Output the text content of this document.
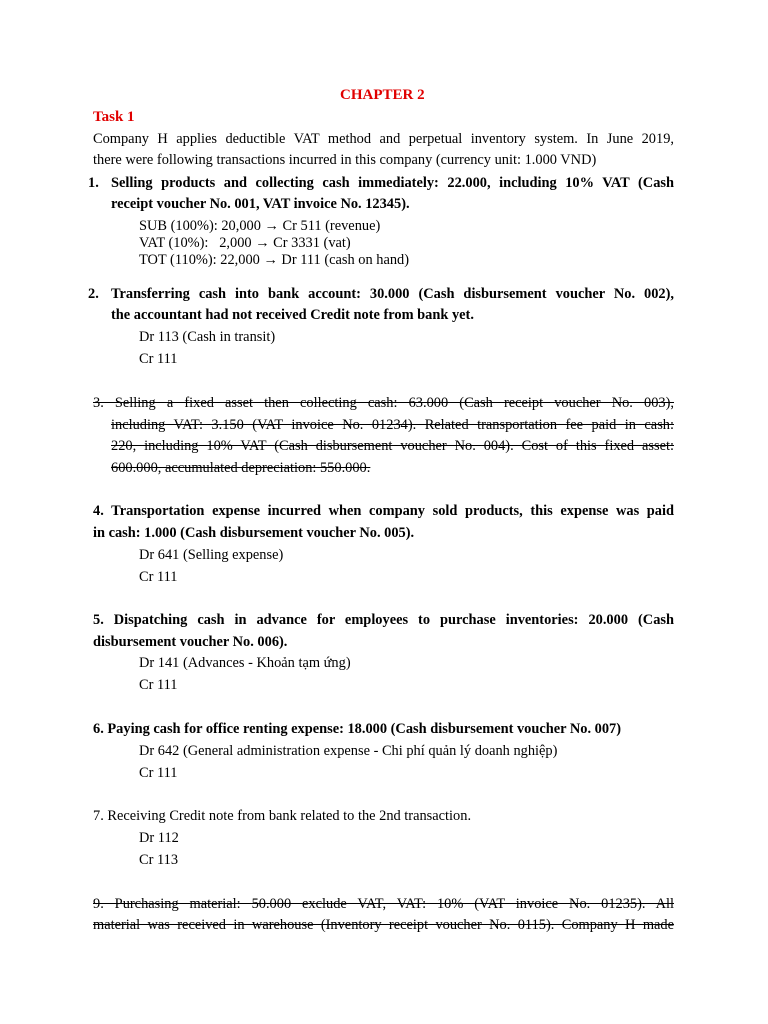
CHAPTER 2
Task 1
Company H applies deductible VAT method and perpetual inventory system. In June 2019,
there were following transactions incurred in this company (currency unit: 1.000 VND)
1. Selling products and collecting cash immediately: 22.000, including 10% VAT (Cash
receipt voucher No. 001, VAT invoice No. 12345).
SUB (100%): 20,000 → Cr 511 (revenue)
VAT (10%):   2,000 → Cr 3331 (vat)
TOT (110%): 22,000 → Dr 111 (cash on hand)
2. Transferring cash into bank account: 30.000 (Cash disbursement voucher No. 002),
the accountant had not received Credit note from bank yet.
Dr 113 (Cash in transit)
Cr 111
3. Selling a fixed asset then collecting cash: 63.000 (Cash receipt voucher No. 003),
including VAT: 3.150 (VAT invoice No. 01234). Related transportation fee paid in cash:
220, including 10% VAT (Cash disbursement voucher No. 004). Cost of this fixed asset:
600.000, accumulated depreciation: 550.000.
4. Transportation expense incurred when company sold products, this expense was paid
in cash: 1.000 (Cash disbursement voucher No. 005).
Dr 641 (Selling expense)
Cr 111
5. Dispatching cash in advance for employees to purchase inventories: 20.000 (Cash
disbursement voucher No. 006).
Dr 141 (Advances - Khoản tạm ứng)
Cr 111
6. Paying cash for office renting expense: 18.000 (Cash disbursement voucher No. 007)
Dr 642 (General administration expense - Chi phí quản lý doanh nghiệp)
Cr 111
7. Receiving Credit note from bank related to the 2nd transaction.
Dr 112
Cr 113
9. Purchasing material: 50.000 exclude VAT, VAT: 10% (VAT invoice No. 01235). All
material was received in warehouse (Inventory receipt voucher No. 0115). Company H made
